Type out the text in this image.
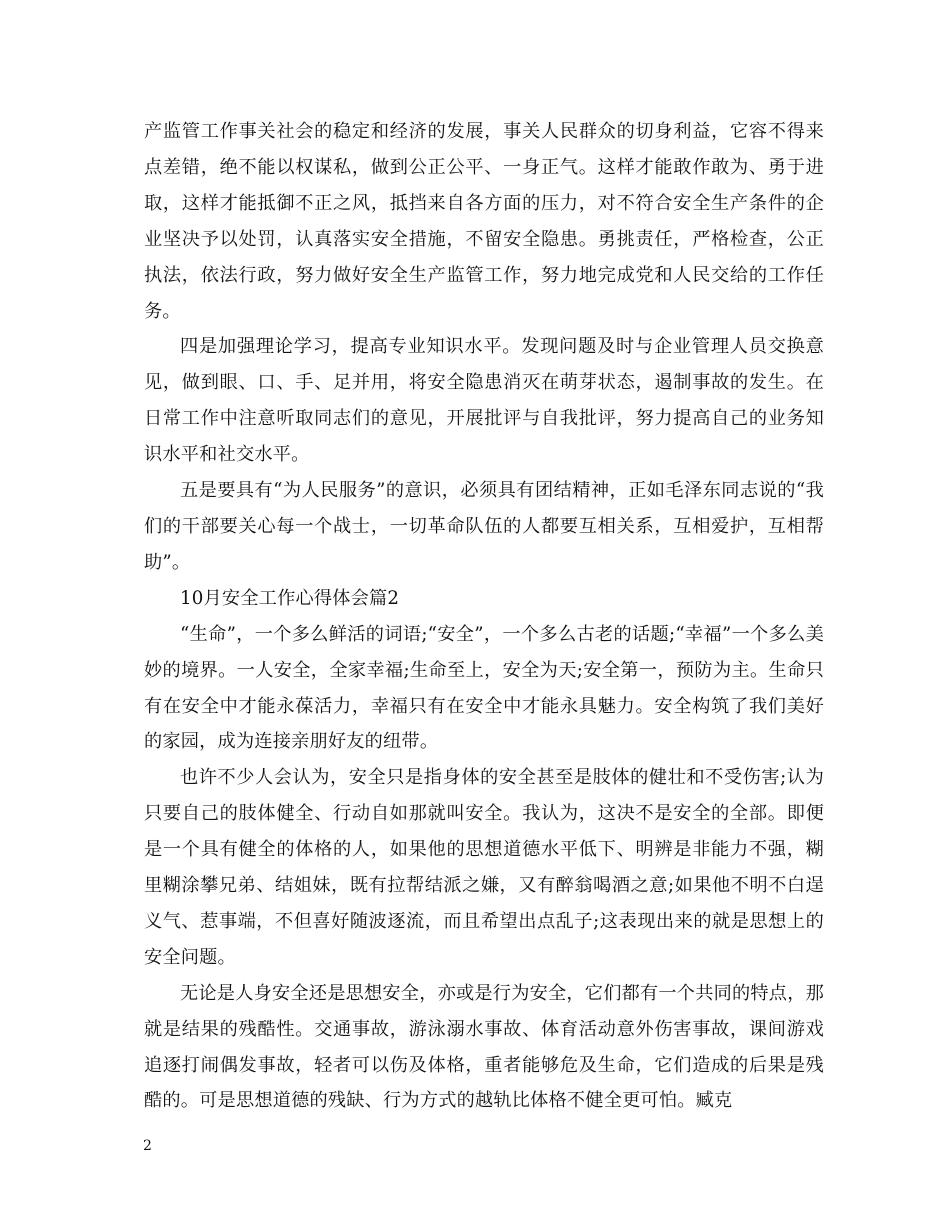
产监管工作事关社会的稳定和经济的发展，事关人民群众的切身利益，它容不得来点差错，绝不能以权谋私，做到公正公平、一身正气。这样才能敢作敢为、勇于进取，这样才能抵御不正之风，抵挡来自各方面的压力，对不符合安全生产条件的企业坚决予以处罚，认真落实安全措施，不留安全隐患。勇挑责任，严格检查，公正执法，依法行政，努力做好安全生产监管工作，努力地完成党和人民交给的工作任务。

四是加强理论学习，提高专业知识水平。发现问题及时与企业管理人员交换意见，做到眼、口、手、足并用，将安全隐患消灭在萌芽状态，遏制事故的发生。在日常工作中注意听取同志们的意见，开展批评与自我批评，努力提高自己的业务知识水平和社交水平。

五是要具有“为人民服务”的意识，必须具有团结精神，正如毛泽东同志说的“我们的干部要关心每一个战士，一切革命队伍的人都要互相关系，互相爱护，互相帮助”。

10月安全工作心得体会篇2

“生命”，一个多么鲜活的词语;“安全”，一个多么古老的话题;“幸福”一个多么美妙的境界。一人安全，全家幸福;生命至上，安全为天;安全第一，预防为主。生命只有在安全中才能永葆活力，幸福只有在安全中才能永具魅力。安全构筑了我们美好的家园，成为连接亲朋好友的纽带。

也许不少人会认为，安全只是指身体的安全甚至是肢体的健壮和不受伤害;认为只要自己的肢体健全、行动自如那就叫安全。我认为，这决不是安全的全部。即便是一个具有健全的体格的人，如果他的思想道德水平低下、明辨是非能力不强，糊里糊涂攀兄弟、结姐妹，既有拉帮结派之嫌，又有醉翁喝酒之意;如果他不明不白逞义气、惹事端，不但喜好随波逐流，而且希望出点乱子;这表现出来的就是思想上的安全问题。

无论是人身安全还是思想安全，亦或是行为安全，它们都有一个共同的特点，那就是结果的残酷性。交通事故，游泳溺水事故、体育活动意外伤害事故，课间游戏追逐打闹偶发事故，轻者可以伤及体格，重者能够危及生命，它们造成的后果是残酷的。可是思想道德的残缺、行为方式的越轨比体格不健全更可怕。臧克

2
